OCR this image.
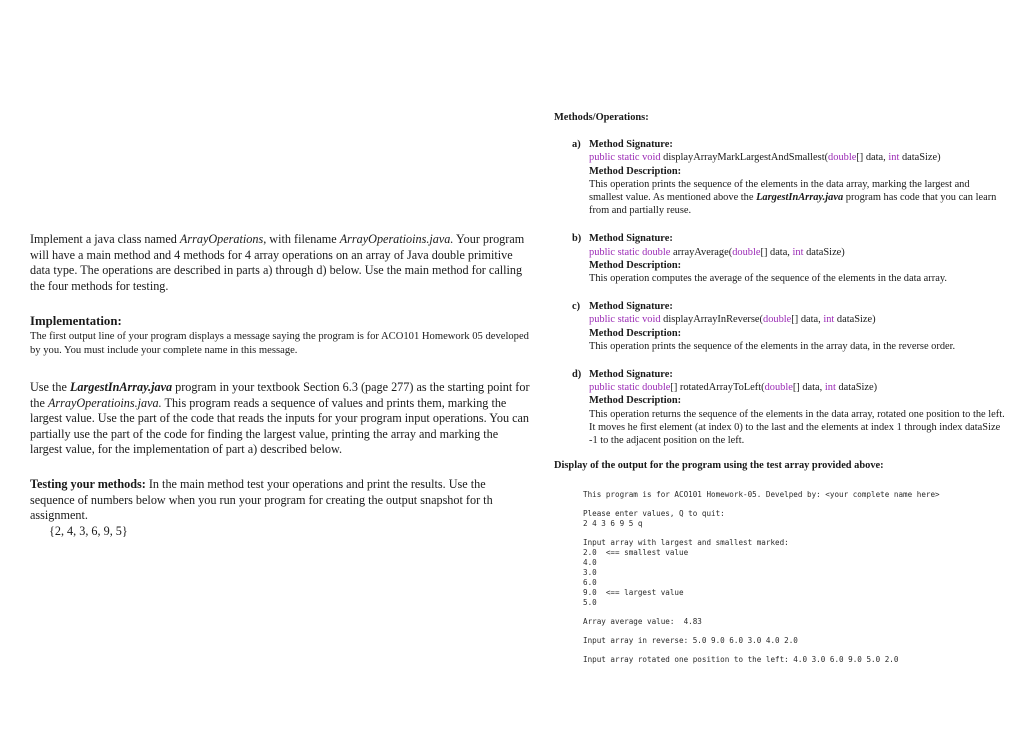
Implement a java class named ArrayOperations, with filename ArrayOperatioins.java. Your program will have a main method and 4 methods for 4 array operations on an array of Java double primitive data type. The operations are described in parts a) through d) below. Use the main method for calling the four methods for testing.

Implementation:

The first output line of your program displays a message saying the program is for ACO101 Homework 05 developed by you. You must include your complete name in this message.

Use the LargestInArray.java program in your textbook Section 6.3 (page 277) as the starting point for the ArrayOperatioins.java. This program reads a sequence of values and prints them, marking the largest value. Use the part of the code that reads the inputs for your program input operations. You can partially use the part of the code for finding the largest value, printing the array and marking the largest value, for the implementation of part a) described below.

Testing your methods: In the main method test your operations and print the results. Use the sequence of numbers below when you run your program for creating the output snapshot for th assignment.

{2, 4, 3, 6, 9, 5}

Methods/Operations:

a) Method Signature:
public static void displayArrayMarkLargestAndSmallest(double[] data, int dataSize)
Method Description:
This operation prints the sequence of the elements in the data array, marking the largest and smallest value. As mentioned above the LargestInArray.java program has code that you can learn from and partially reuse.
b) Method Signature:
public static double arrayAverage(double[] data, int dataSize)
Method Description:
This operation computes the average of the sequence of the elements in the data array.
c) Method Signature:
public static void displayArrayInReverse(double[] data, int dataSize)
Method Description:
This operation prints the sequence of the elements in the array data, in the reverse order.
d) Method Signature:
public static double[] rotatedArrayToLeft(double[] data, int dataSize)
Method Description:
This operation returns the sequence of the elements in the data array, rotated one position to the left. It moves he first element (at index 0) to the last and the elements at index 1 through index dataSize -1 to the adjacent position on the left.

Display of the output for the program using the test array provided above:

This program is for ACO101 Homework-05. Develped by: <your complete name here>
Please enter values, Q to quit:
2 4 3 6 9 5 q
Input array with largest and smallest marked:
2.0  <== smallest value
4.0
3.0
6.0
9.0  <== largest value
5.0
Array average value:  4.83
Input array in reverse: 5.0 9.0 6.0 3.0 4.0 2.0
Input array rotated one position to the left: 4.0 3.0 6.0 9.0 5.0 2.0
